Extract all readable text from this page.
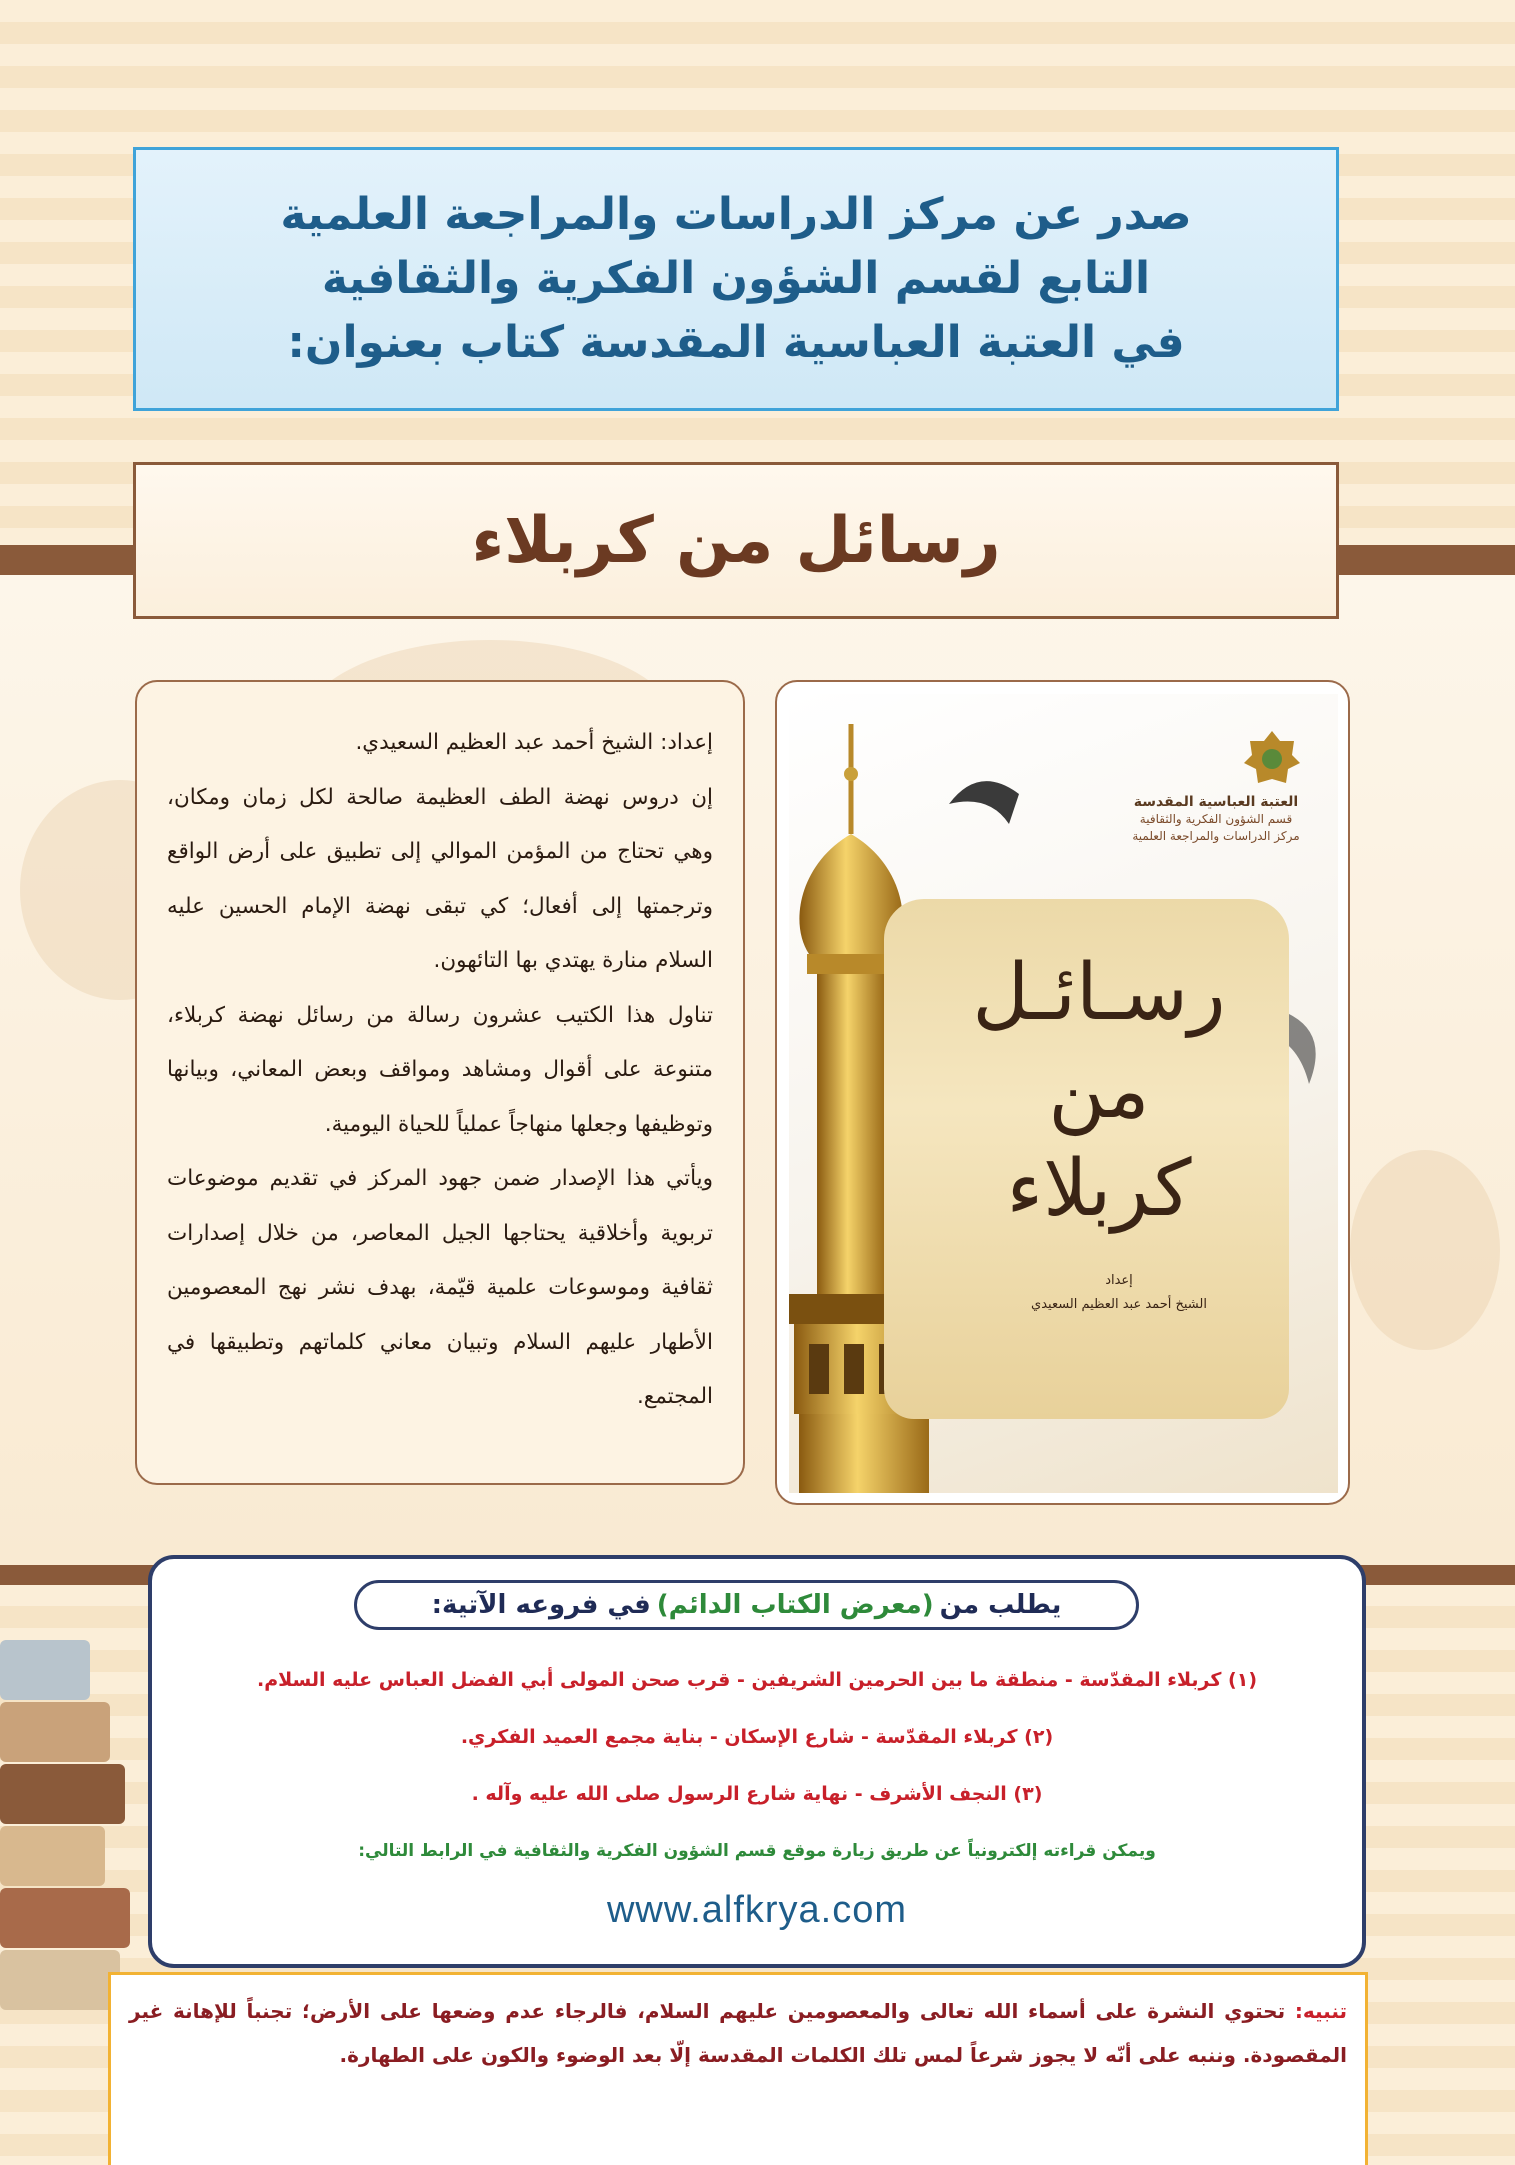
صدر عن مركز الدراسات والمراجعة العلمية
التابع لقسم الشؤون الفكرية والثقافية
في العتبة العباسية المقدسة كتاب بعنوان:
رسائل من كربلاء

إعداد: الشيخ أحمد عبد العظيم السعيدي.

إن دروس نهضة الطف العظيمة صالحة لكل زمان ومكان، وهي تحتاج من المؤمن الموالي إلى تطبيق على أرض الواقع وترجمتها إلى أفعال؛ كي تبقى نهضة الإمام الحسين عليه السلام منارة يهتدي بها التائهون.

تناول هذا الكتيب عشرون رسالة من رسائل نهضة كربلاء، متنوعة على أقوال ومشاهد ومواقف وبعض المعاني، وبيانها وتوظيفها وجعلها منهاجاً عملياً للحياة اليومية.

ويأتي هذا الإصدار ضمن جهود المركز في تقديم موضوعات تربوية وأخلاقية يحتاجها الجيل المعاصر، من خلال إصدارات ثقافية وموسوعات علمية قيّمة، بهدف نشر نهج المعصومين الأطهار عليهم السلام وتبيان معاني كلماتهم وتطبيقها في المجتمع.

العتبة العباسية المقدسة
قسم الشؤون الفكرية والثقافية
مركز الدراسات والمراجعة العلمية
رسـائـل
من
كربلاء
إعداد
الشيخ أحمد عبد العظيم السعيدي
يطلب من
(معرض الكتاب الدائم)
في فروعه الآتية:
(١) كربلاء المقدّسة - منطقة ما بين الحرمين الشريفين - قرب صحن المولى أبي الفضل العباس عليه السلام.
(٢) كربلاء المقدّسة - شارع الإسكان - بناية مجمع العميد الفكري.
(٣) النجف الأشرف - نهاية شارع الرسول صلى الله عليه وآله .
ويمكن قراءته إلكترونياً عن طريق زيارة موقع قسم الشؤون الفكرية والثقافية في الرابط التالي:
www.alfkrya.com
تنبيه: تحتوي النشرة على أسماء الله تعالى والمعصومين عليهم السلام، فالرجاء عدم وضعها على الأرض؛ تجنباً للإهانة غير المقصودة. وننبه على أنّه لا يجوز شرعاً لمس تلك الكلمات المقدسة إلّا بعد الوضوء والكون على الطهارة.
